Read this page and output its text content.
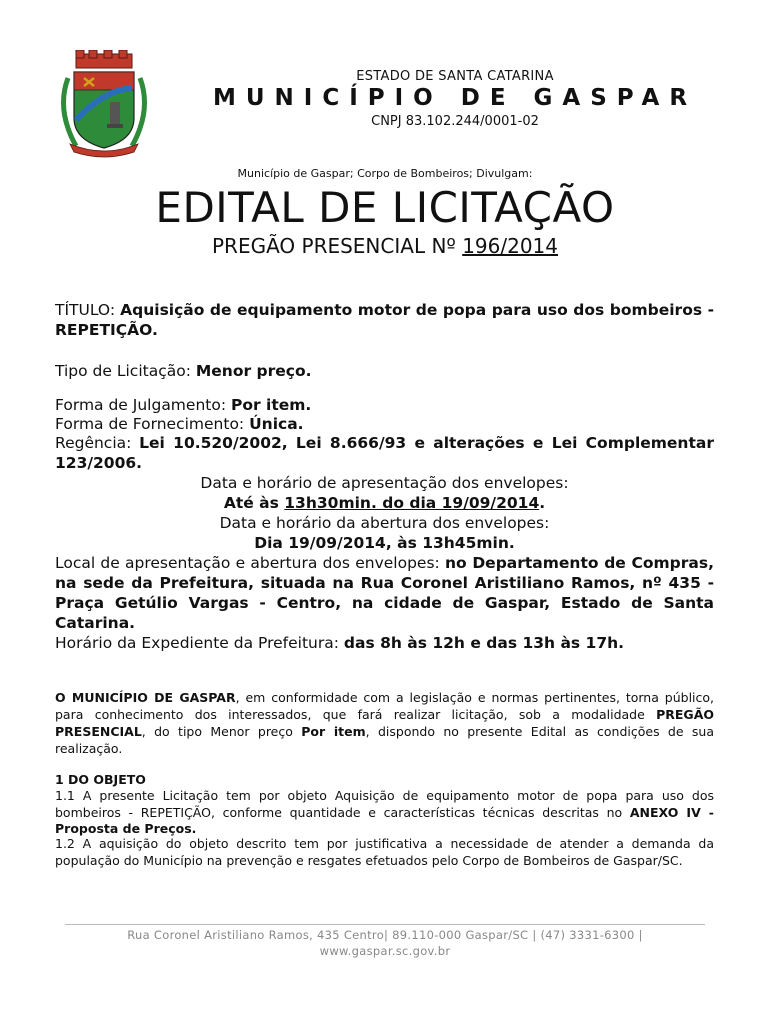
ESTADO DE SANTA CATARINA
MUNICÍPIO DE GASPAR
CNPJ 83.102.244/0001-02
Município de Gaspar; Corpo de Bombeiros; Divulgam:
EDITAL DE LICITAÇÃO
PREGÃO PRESENCIAL Nº 196/2014
TÍTULO: Aquisição de equipamento motor de popa para uso dos bombeiros - REPETIÇÃO.
Tipo de Licitação: Menor preço.
Forma de Julgamento: Por item.
Forma de Fornecimento: Única.
Regência: Lei 10.520/2002, Lei 8.666/93 e alterações e Lei Complementar 123/2006.
Data e horário de apresentação dos envelopes:
Até às 13h30min. do dia 19/09/2014.
Data e horário da abertura dos envelopes:
Dia 19/09/2014, às 13h45min.
Local de apresentação e abertura dos envelopes: no Departamento de Compras, na sede da Prefeitura, situada na Rua Coronel Aristiliano Ramos, nº 435 - Praça Getúlio Vargas - Centro, na cidade de Gaspar, Estado de Santa Catarina.
Horário da Expediente da Prefeitura: das 8h às 12h e das 13h às 17h.
O MUNICÍPIO DE GASPAR, em conformidade com a legislação e normas pertinentes, torna público, para conhecimento dos interessados, que fará realizar licitação, sob a modalidade PREGÃO PRESENCIAL, do tipo Menor preço Por item, dispondo no presente Edital as condições de sua realização.
1 DO OBJETO
1.1 A presente Licitação tem por objeto Aquisição de equipamento motor de popa para uso dos bombeiros - REPETIÇÃO, conforme quantidade e características técnicas descritas no ANEXO IV - Proposta de Preços.
1.2 A aquisição do objeto descrito tem por justificativa a necessidade de atender a demanda da população do Município na prevenção e resgates efetuados pelo Corpo de Bombeiros de Gaspar/SC.
Rua Coronel Aristiliano Ramos, 435 Centro| 89.110-000 Gaspar/SC | (47) 3331-6300 |
www.gaspar.sc.gov.br
